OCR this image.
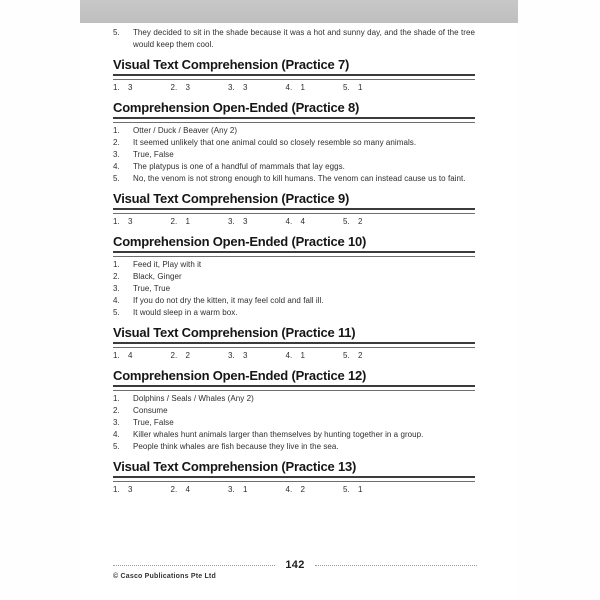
5.	They decided to sit in the shade because it was a hot and sunny day, and the shade of the tree would keep them cool.
Visual Text Comprehension (Practice 7)
1.	3	2.	3	3.	3	4.	1	5.	1
Comprehension Open-Ended (Practice 8)
1.	Otter / Duck / Beaver (Any 2)
2.	It seemed unlikely that one animal could so closely resemble so many animals.
3.	True, False
4.	The platypus is one of a handful of mammals that lay eggs.
5.	No, the venom is not strong enough to kill humans. The venom can instead cause us to faint.
Visual Text Comprehension (Practice 9)
1.	3	2.	1	3.	3	4.	4	5.	2
Comprehension Open-Ended (Practice 10)
1.	Feed it, Play with it
2.	Black, Ginger
3.	True, True
4.	If you do not dry the kitten, it may feel cold and fall ill.
5.	It would sleep in a warm box.
Visual Text Comprehension (Practice 11)
1.	4	2.	2	3.	3	4.	1	5.	2
Comprehension Open-Ended (Practice 12)
1.	Dolphins / Seals / Whales (Any 2)
2.	Consume
3.	True, False
4.	Killer whales hunt animals larger than themselves by hunting together in a group.
5.	People think whales are fish because they live in the sea.
Visual Text Comprehension (Practice 13)
1.	3	2.	4	3.	1	4.	2	5.	1
142
© Casco Publications Pte Ltd
